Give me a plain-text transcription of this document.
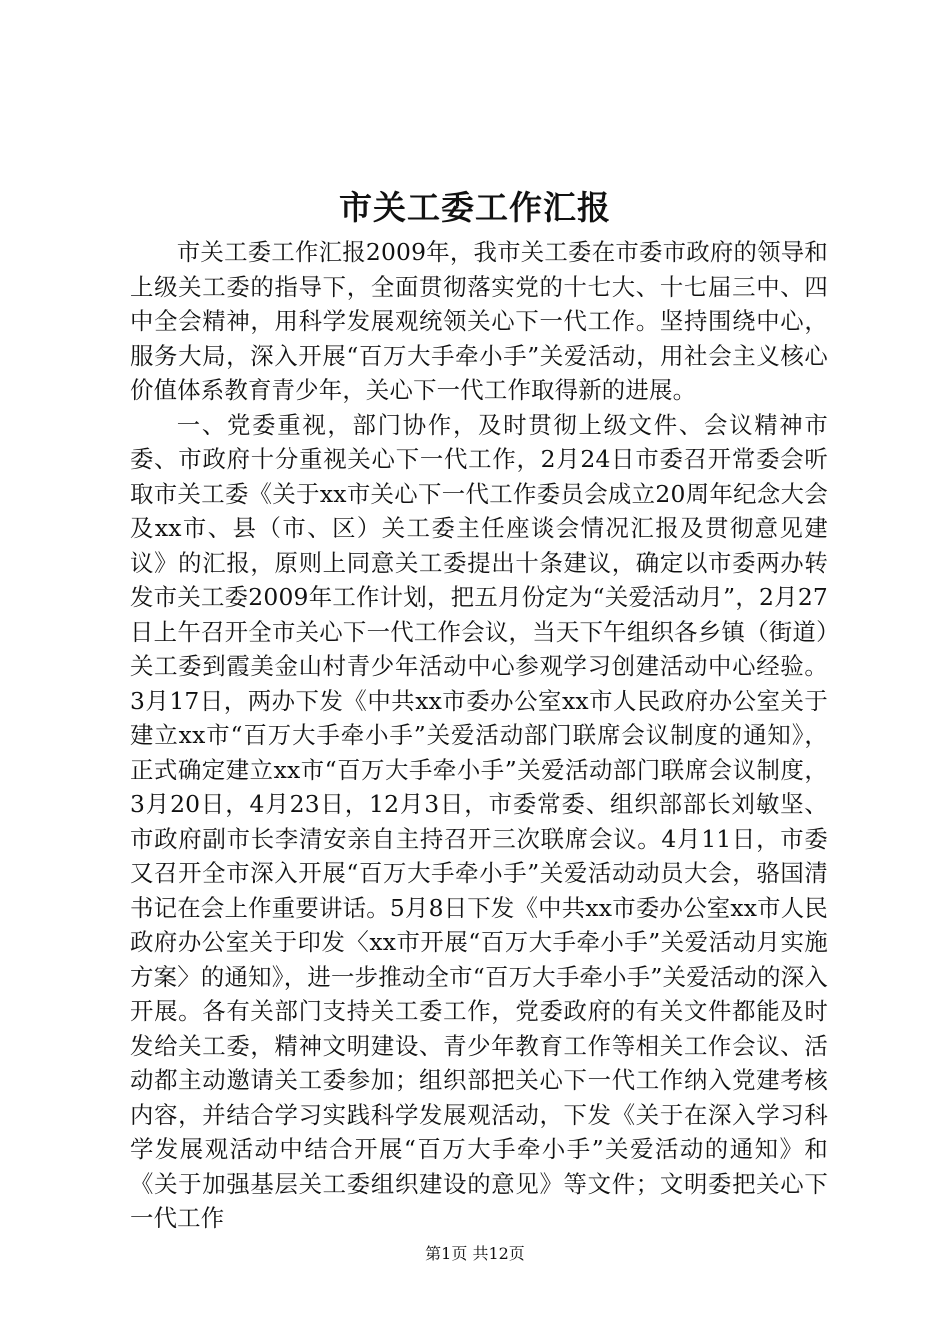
市关工委工作汇报

市关工委工作汇报2009年，我市关工委在市委市政府的领导和上级关工委的指导下，全面贯彻落实党的十七大、十七届三中、四中全会精神，用科学发展观统领关心下一代工作。坚持围绕中心，服务大局，深入开展“百万大手牵小手”关爱活动，用社会主义核心价值体系教育青少年，关心下一代工作取得新的进展。

一、党委重视，部门协作，及时贯彻上级文件、会议精神市委、市政府十分重视关心下一代工作，2月24日市委召开常委会听取市关工委《关于xx市关心下一代工作委员会成立20周年纪念大会及xx市、县（市、区）关工委主任座谈会情况汇报及贯彻意见建议》的汇报，原则上同意关工委提出十条建议，确定以市委两办转发市关工委2009年工作计划，把五月份定为“关爱活动月”，2月27日上午召开全市关心下一代工作会议，当天下午组织各乡镇（街道）关工委到霞美金山村青少年活动中心参观学习创建活动中心经验。3月17日，两办下发《中共xx市委办公室xx市人民政府办公室关于建立xx市“百万大手牵小手”关爱活动部门联席会议制度的通知》，正式确定建立xx市“百万大手牵小手”关爱活动部门联席会议制度，3月20日，4月23日，12月3日，市委常委、组织部部长刘敏坚、市政府副市长李清安亲自主持召开三次联席会议。4月11日，市委又召开全市深入开展“百万大手牵小手”关爱活动动员大会，骆国清书记在会上作重要讲话。5月8日下发《中共xx市委办公室xx市人民政府办公室关于印发〈xx市开展“百万大手牵小手”关爱活动月实施方案〉的通知》，进一步推动全市“百万大手牵小手”关爱活动的深入开展。各有关部门支持关工委工作，党委政府的有关文件都能及时发给关工委，精神文明建设、青少年教育工作等相关工作会议、活动都主动邀请关工委参加；组织部把关心下一代工作纳入党建考核内容，并结合学习实践科学发展观活动，下发《关于在深入学习科学发展观活动中结合开展“百万大手牵小手”关爱活动的通知》和《关于加强基层关工委组织建设的意见》等文件；文明委把关心下一代工作

第1页 共12页
